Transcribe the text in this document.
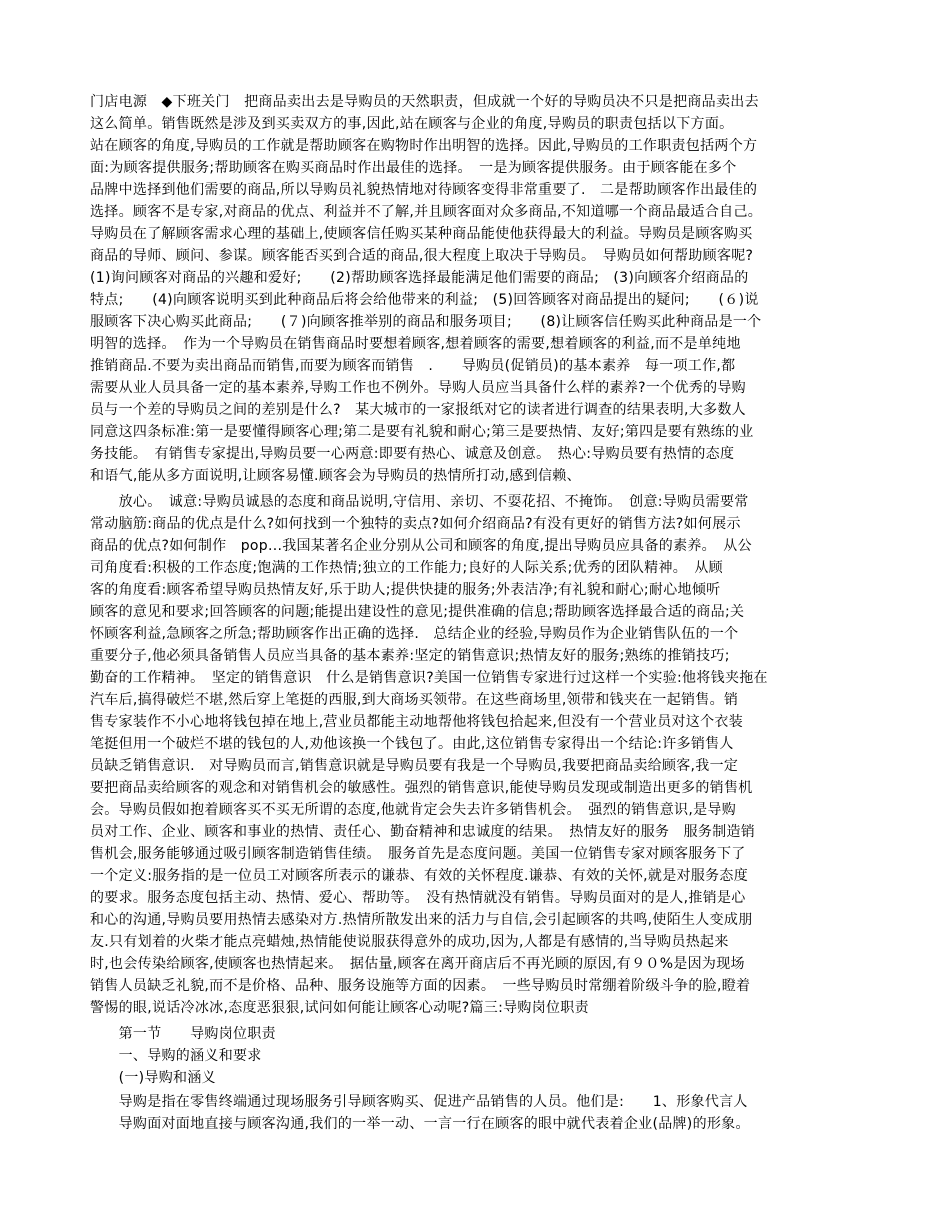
门店电源　◆下班关门　把商品卖出去是导购员的天然职责，但成就一个好的导购员决不只是把商品卖出去
这么简单。销售既然是涉及到买卖双方的事,因此,站在顾客与企业的角度,导购员的职责包括以下方面。
站在顾客的角度,导购员的工作就是帮助顾客在购物时作出明智的选择。因此,导购员的工作职责包括两个方
面:为顾客提供服务;帮助顾客在购买商品时作出最佳的选择。　一是为顾客提供服务。由于顾客能在多个
品牌中选择到他们需要的商品,所以导购员礼貌热情地对待顾客变得非常重要了.　二是帮助顾客作出最佳的
选择。顾客不是专家,对商品的优点、利益并不了解,并且顾客面对众多商品,不知道哪一个商品最适合自己。
导购员在了解顾客需求心理的基础上,使顾客信任购买某种商品能使他获得最大的利益。导购员是顾客购买
商品的导师、顾问、参谋。顾客能否买到合适的商品,很大程度上取决于导购员。　导购员如何帮助顾客呢?
(1)询问顾客对商品的兴趣和爱好;　　(2)帮助顾客选择最能满足他们需要的商品;　(3)向顾客介绍商品的
特点;　　(4)向顾客说明买到此种商品后将会给他带来的利益;　(5)回答顾客对商品提出的疑问;　　(６)说
服顾客下决心购买此商品;　　(７)向顾客推举别的商品和服务项目;　　(8)让顾客信任购买此种商品是一个
明智的选择。　作为一个导购员在销售商品时要想着顾客,想着顾客的需要,想着顾客的利益,而不是单纯地
推销商品.不要为卖出商品而销售,而要为顾客而销售　.　　导购员(促销员)的基本素养　每一项工作,都
需要从业人员具备一定的基本素养,导购工作也不例外。导购人员应当具备什么样的素养?一个优秀的导购
员与一个差的导购员之间的差别是什么?　某大城市的一家报纸对它的读者进行调查的结果表明,大多数人
同意这四条标准:第一是要懂得顾客心理;第二是要有礼貌和耐心;第三是要热情、友好;第四是要有熟练的业
务技能。　有销售专家提出,导购员要一心两意:即要有热心、诚意及创意。　热心:导购员要有热情的态度
和语气,能从多方面说明,让顾客易懂.顾客会为导购员的热情所打动,感到信赖、
　　放心。　诚意:导购员诚恳的态度和商品说明,守信用、亲切、不耍花招、不掩饰。　创意:导购员需要常
常动脑筋:商品的优点是什么?如何找到一个独特的卖点?如何介绍商品?有没有更好的销售方法?如何展示
商品的优点?如何制作　pop...我国某著名企业分别从公司和顾客的角度,提出导购员应具备的素养。　从公
司角度看:积极的工作态度;饱满的工作热情;独立的工作能力;良好的人际关系;优秀的团队精神。　从顾
客的角度看:顾客希望导购员热情友好,乐于助人;提供快捷的服务;外表洁净;有礼貌和耐心;耐心地倾听
顾客的意见和要求;回答顾客的问题;能提出建设性的意见;提供准确的信息;帮助顾客选择最合适的商品;关
怀顾客利益,急顾客之所急;帮助顾客作出正确的选择.　总结企业的经验,导购员作为企业销售队伍的一个
重要分子,他必须具备销售人员应当具备的基本素养:坚定的销售意识;热情友好的服务;熟练的推销技巧;
勤奋的工作精神。　坚定的销售意识　什么是销售意识?美国一位销售专家进行过这样一个实验:他将钱夹拖在
汽车后,搞得破烂不堪,然后穿上笔挺的西服,到大商场买领带。在这些商场里,领带和钱夹在一起销售。销
售专家装作不小心地将钱包掉在地上,营业员都能主动地帮他将钱包拾起来,但没有一个营业员对这个衣装
笔挺但用一个破烂不堪的钱包的人,劝他该换一个钱包了。由此,这位销售专家得出一个结论:许多销售人
员缺乏销售意识.　对导购员而言,销售意识就是导购员要有我是一个导购员,我要把商品卖给顾客,我一定
要把商品卖给顾客的观念和对销售机会的敏感性。强烈的销售意识,能使导购员发现或制造出更多的销售机
会。导购员假如抱着顾客买不买无所谓的态度,他就肯定会失去许多销售机会。　强烈的销售意识,是导购
员对工作、企业、顾客和事业的热情、责任心、勤奋精神和忠诚度的结果。　热情友好的服务　服务制造销
售机会,服务能够通过吸引顾客制造销售佳绩。　服务首先是态度问题。美国一位销售专家对顾客服务下了
一个定义:服务指的是一位员工对顾客所表示的谦恭、有效的关怀程度.谦恭、有效的关怀,就是对服务态度
的要求。服务态度包括主动、热情、爱心、帮助等。　没有热情就没有销售。导购员面对的是人,推销是心
和心的沟通,导购员要用热情去感染对方.热情所散发出来的活力与自信,会引起顾客的共鸣,使陌生人变成朋
友.只有划着的火柴才能点亮蜡烛,热情能使说服获得意外的成功,因为,人都是有感情的,当导购员热起来
时,也会传染给顾客,使顾客也热情起来。　据估量,顾客在离开商店后不再光顾的原因,有９０%是因为现场
销售人员缺乏礼貌,而不是价格、品种、服务设施等方面的因素。　一些导购员时常绷着阶级斗争的脸,瞪着
警惕的眼,说话冷冰冰,态度恶狠狠,试问如何能让顾客心动呢?篇三:导购岗位职责
　　第一节　　导购岗位职责
　　一、导购的涵义和要求
　　(一)导购和涵义
　　导购是指在零售终端通过现场服务引导顾客购买、促进产品销售的人员。他们是:　　1、形象代言人
　　导购面对面地直接与顾客沟通,我们的一举一动、一言一行在顾客的眼中就代表着企业(品牌)的形象。
